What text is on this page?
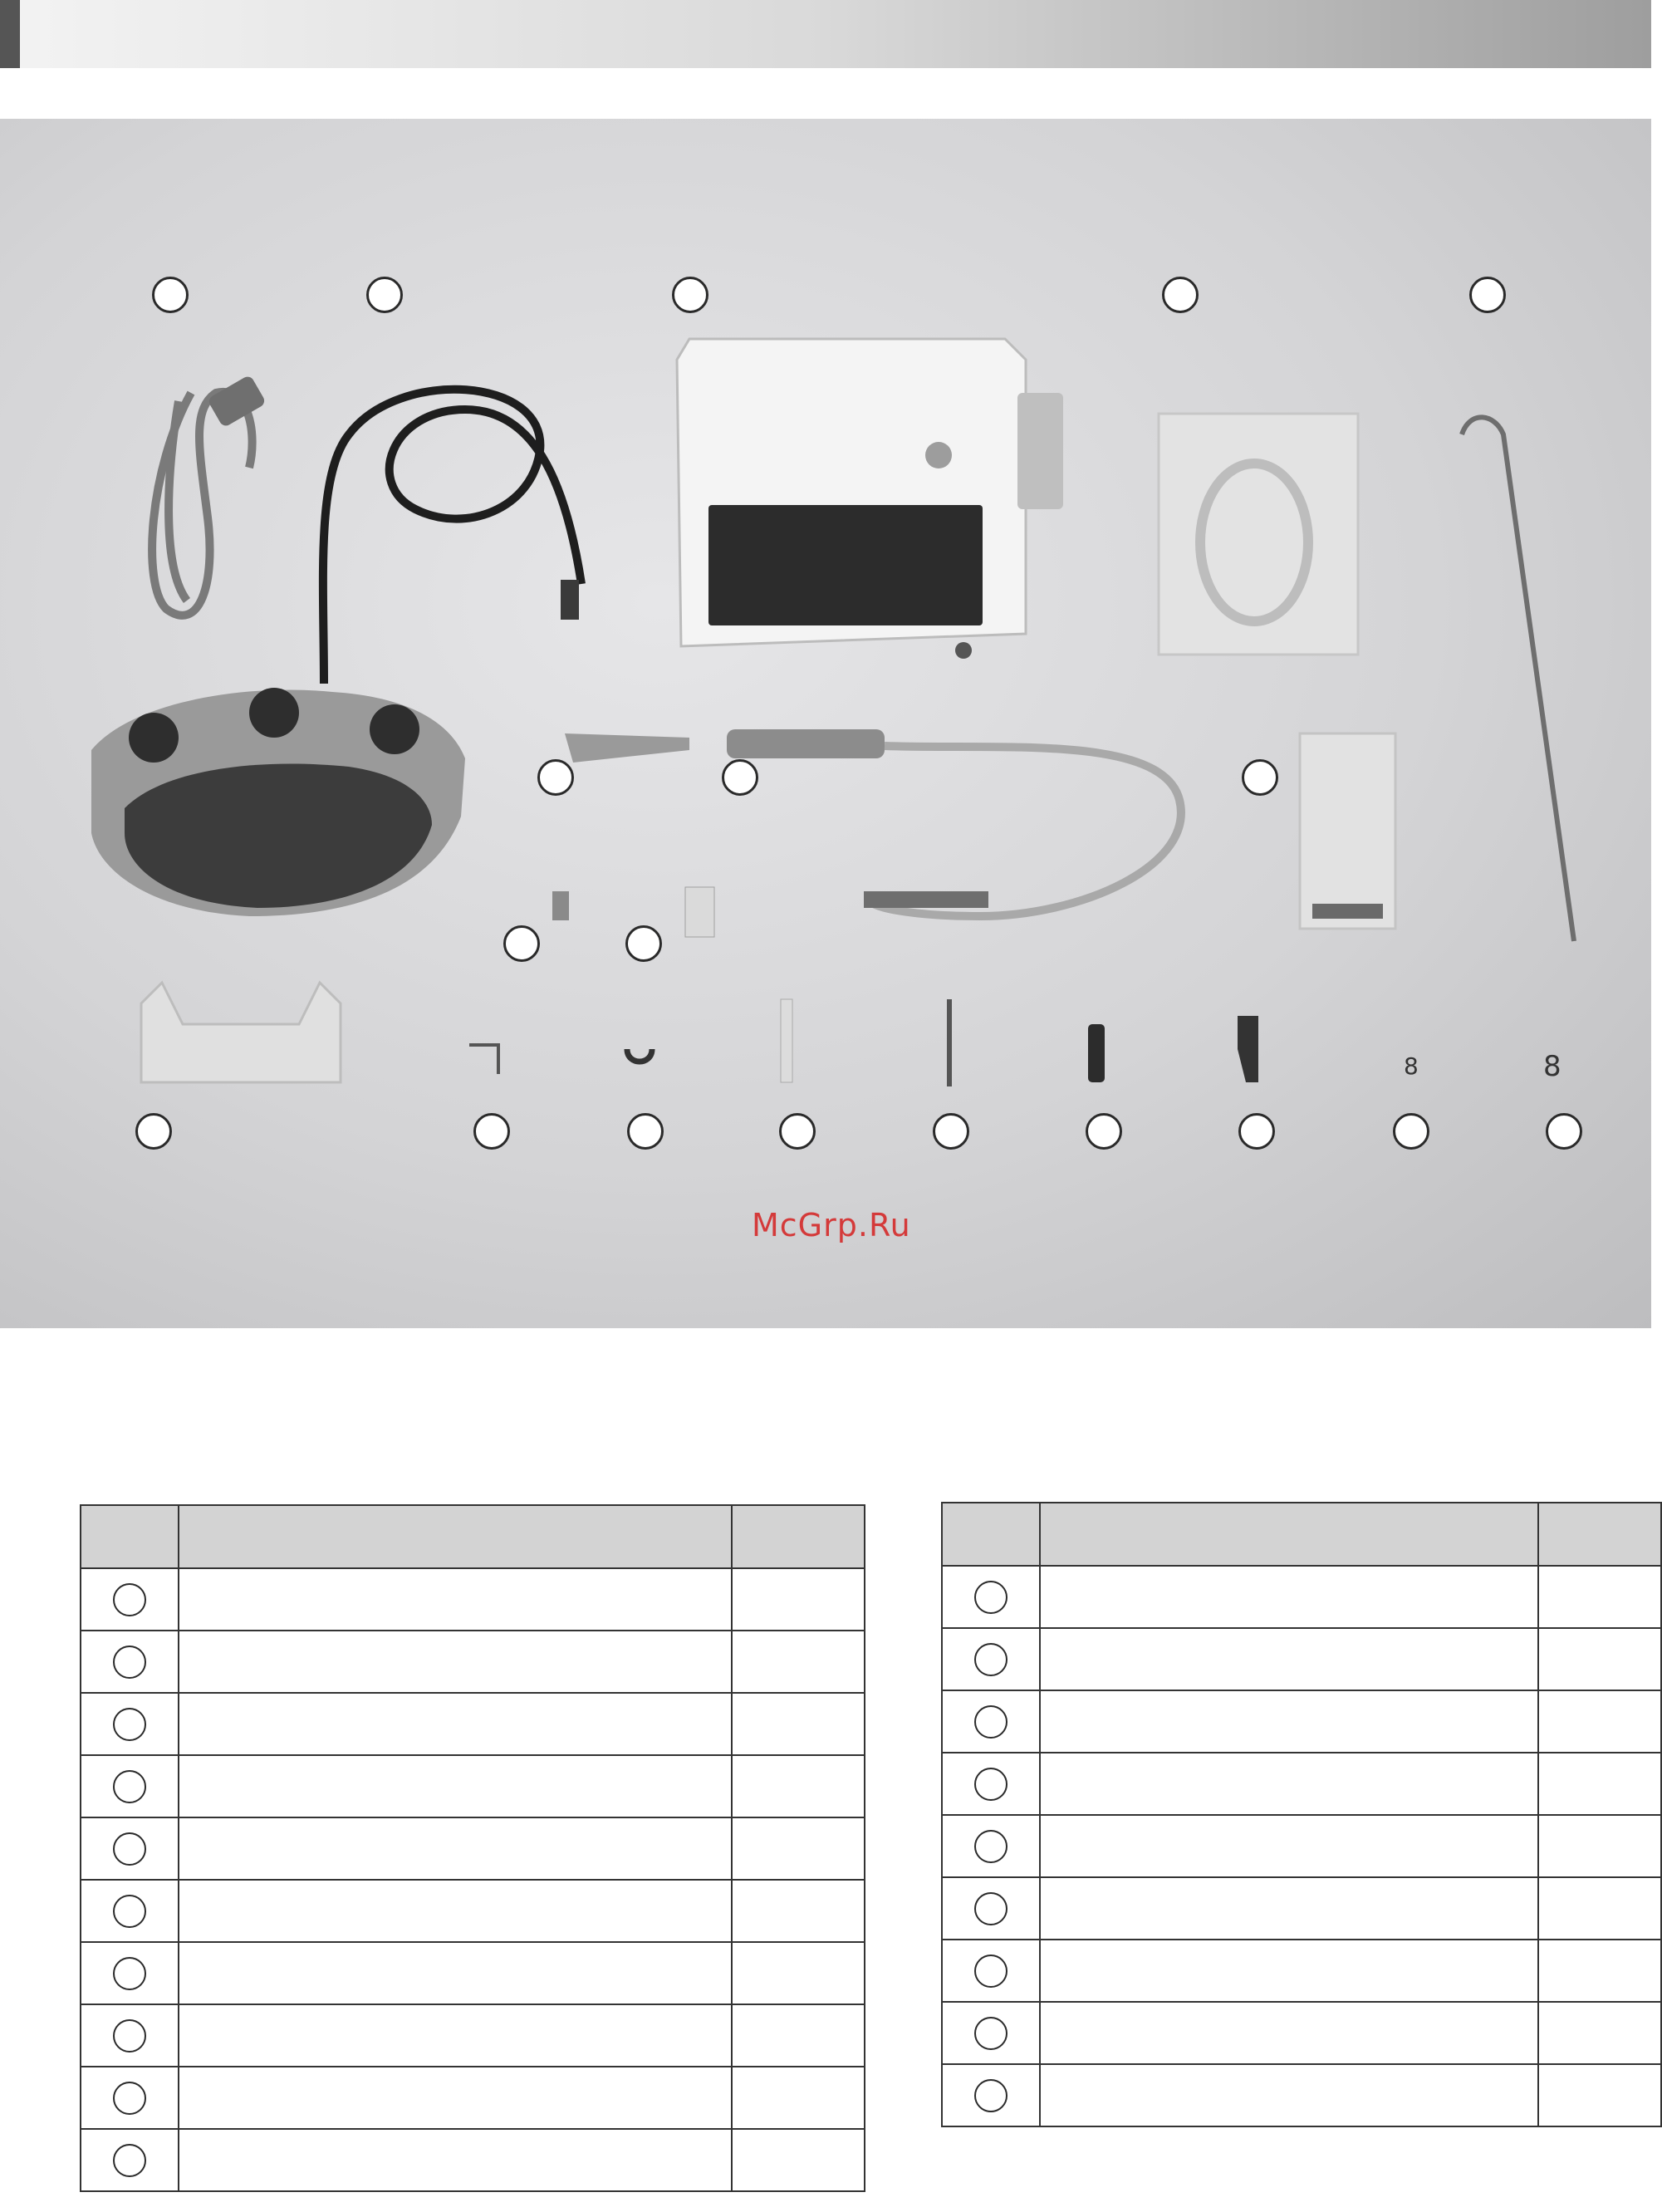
8	8
McGrp.Ru
